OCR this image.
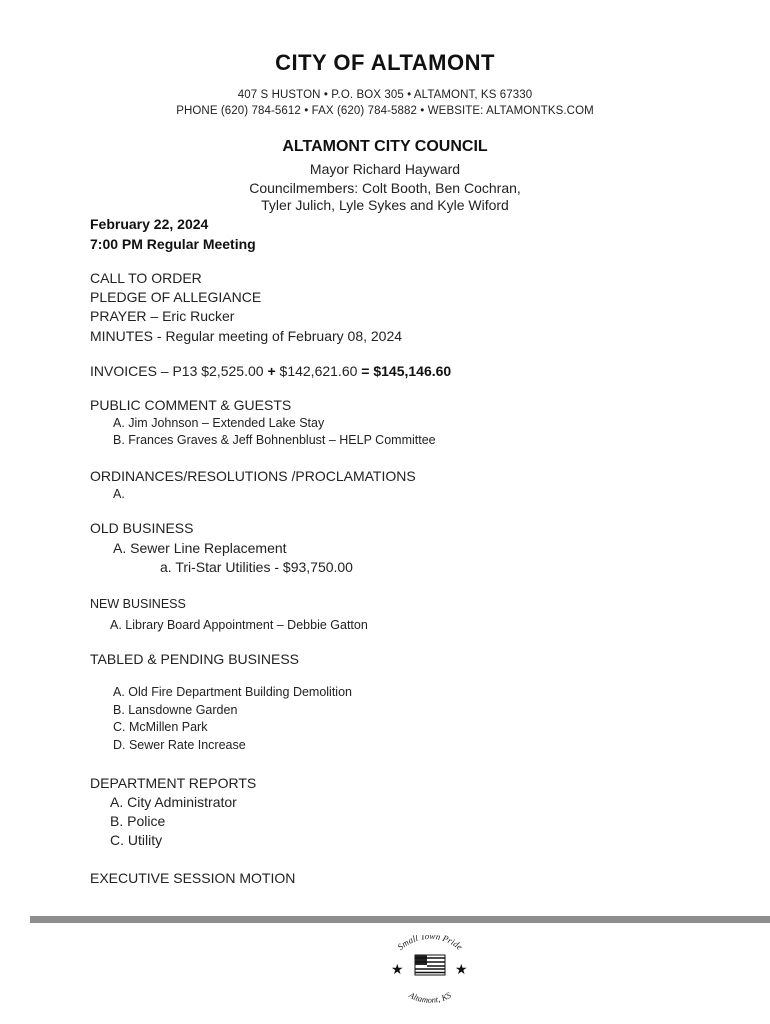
CITY OF ALTAMONT
407 S HUSTON • P.O. BOX 305 • ALTAMONT, KS 67330
PHONE (620) 784-5612 • FAX (620) 784-5882 • WEBSITE: ALTAMONTKS.COM
ALTAMONT CITY COUNCIL
Mayor Richard Hayward
Councilmembers: Colt Booth, Ben Cochran,
Tyler Julich, Lyle Sykes and Kyle Wiford
February 22, 2024
7:00 PM Regular Meeting
CALL TO ORDER
PLEDGE OF ALLEGIANCE
PRAYER – Eric Rucker
MINUTES - Regular meeting of February 08, 2024
INVOICES – P13 $2,525.00 + $142,621.60 = $145,146.60
PUBLIC COMMENT & GUESTS
A. Jim Johnson – Extended Lake Stay
B. Frances Graves & Jeff Bohnenblust – HELP Committee
ORDINANCES/RESOLUTIONS /PROCLAMATIONS
A.
OLD BUSINESS
A. Sewer Line Replacement
a. Tri-Star Utilities - $93,750.00
NEW BUSINESS
A. Library Board Appointment – Debbie Gatton
TABLED & PENDING BUSINESS
A. Old Fire Department Building Demolition
B. Lansdowne Garden
C. McMillen Park
D. Sewer Rate Increase
DEPARTMENT REPORTS
A. City Administrator
B. Police
C. Utility
EXECUTIVE SESSION MOTION
Small Town Pride
Altamont, KS
★	★
